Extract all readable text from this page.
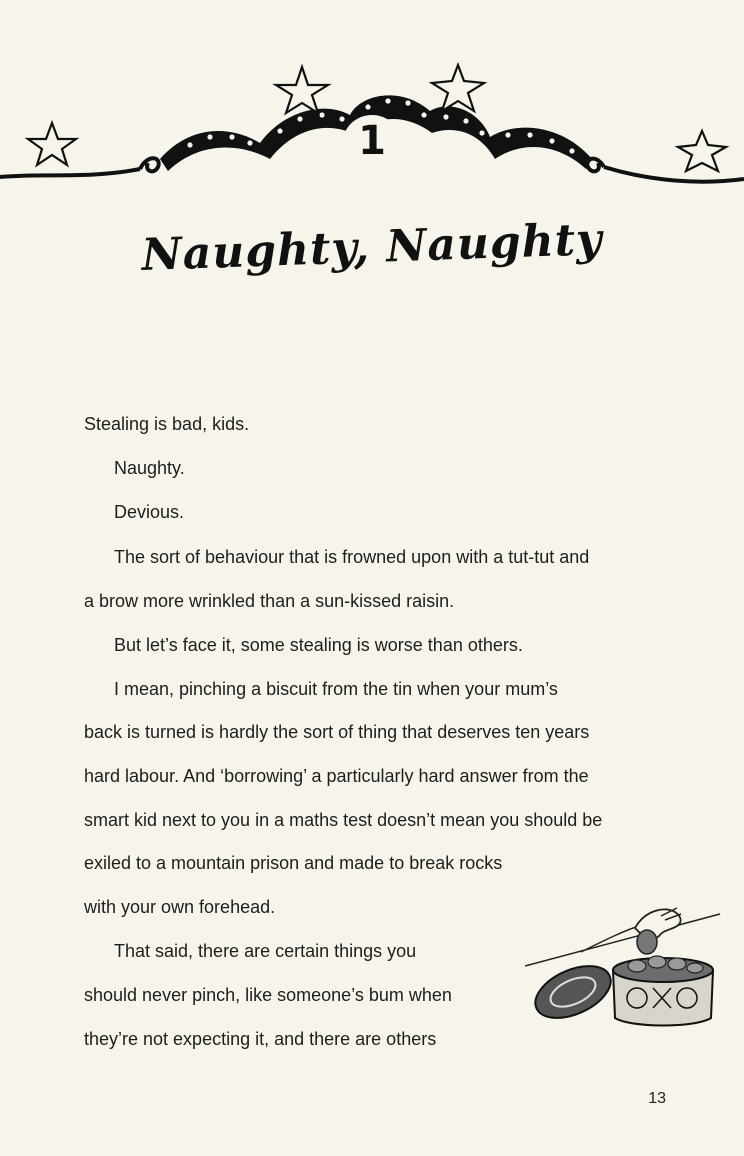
1
Naughty, Naughty
Stealing is bad, kids.
Naughty.
Devious.
The sort of behaviour that is frowned upon with a tut-tut and
a brow more wrinkled than a sun-kissed raisin.
But let’s face it, some stealing is worse than others.
I mean, pinching a biscuit from the tin when your mum’s
back is turned is hardly the sort of thing that deserves ten years
hard labour. And ‘borrowing’ a particularly hard answer from the
smart kid next to you in a maths test doesn’t mean you should be
exiled to a mountain prison and made to break rocks
with your own forehead.
That said, there are certain things you
should never pinch, like someone’s bum when
they’re not expecting it, and there are others
13
